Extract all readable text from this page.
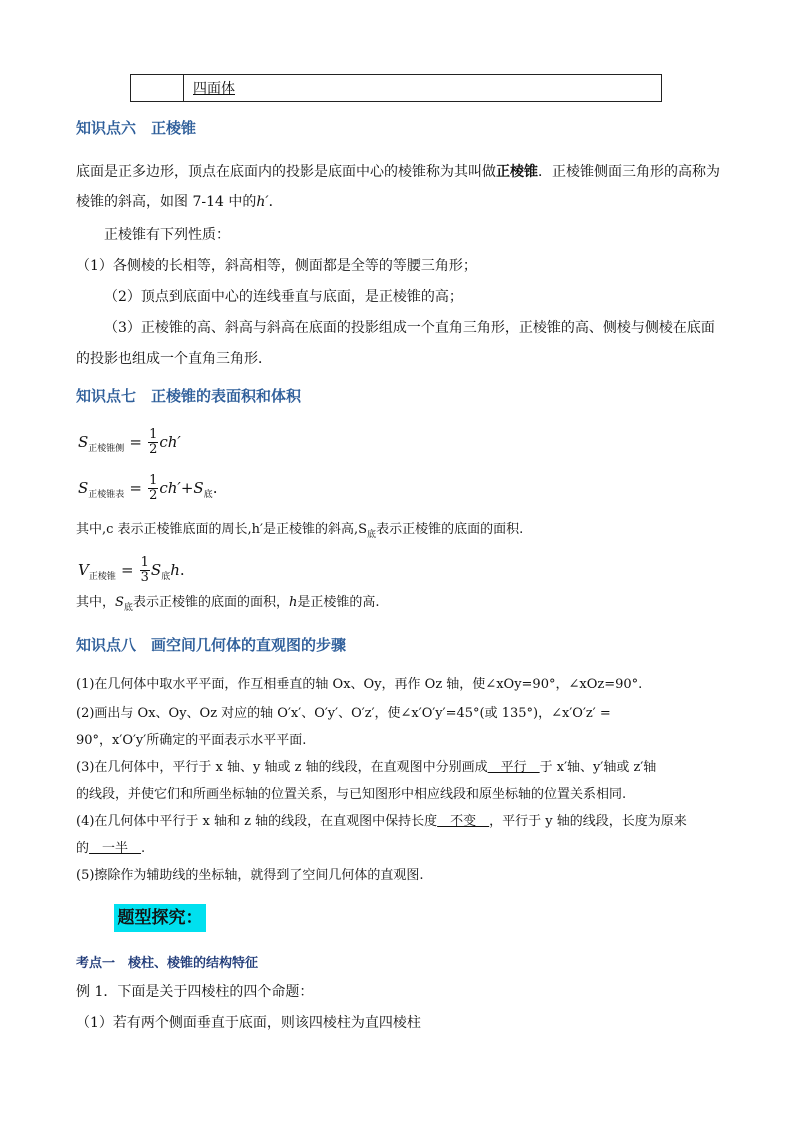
四面体
知识点六　正棱锥
底面是正多边形，顶点在底面内的投影是底面中心的棱锥称为其叫做正棱锥．正棱锥侧面三角形的高称为
棱锥的斜高，如图 7-14 中的h′．
正棱锥有下列性质：
（1）各侧棱的长相等，斜高相等，侧面都是全等的等腰三角形；
（2）顶点到底面中心的连线垂直与底面，是正棱锥的高；
（3）正棱锥的高、斜高与斜高在底面的投影组成一个直角三角形，正棱锥的高、侧棱与侧棱在底面
的投影也组成一个直角三角形．
知识点七　正棱锥的表面积和体积
$S_{正棱锥侧} = \frac{1}{2} ch'$
$S_{正棱锥表} = \frac{1}{2} ch'+S_底$.
其中,c 表示正棱锥底面的周长,h′是正棱锥的斜高$,S_底$表示正棱锥的底面的面积.
$V_{正棱锥} = \frac{1}{3} S_底h$.
其中，$S_底$表示正棱锥的底面的面积，h是正棱锥的高.
知识点八　画空间几何体的直观图的步骤
(1)在几何体中取水平平面，作互相垂直的轴 Ox、Oy，再作 Oz 轴，使∠xOy=90°，∠xOz=90°.
(2)画出与 Ox、Oy、Oz 对应的轴 O′x′、O′y′、O′z′，使∠x′O′y′=45°(或 135°)，∠x′O′z′ =
90°，x′O′y′所确定的平面表示水平平面.
(3)在几何体中，平行于 x 轴、y 轴或 z 轴的线段，在直观图中分别画成　平行　于 x′轴、y′轴或 z′轴
的线段，并使它们和所画坐标轴的位置关系，与已知图形中相应线段和原坐标轴的位置关系相同.
(4)在几何体中平行于 x 轴和 z 轴的线段，在直观图中保持长度　不变　，平行于 y 轴的线段，长度为原来
的　一半　.
(5)擦除作为辅助线的坐标轴，就得到了空间几何体的直观图.
题型探究：
考点一　棱柱、棱锥的结构特征
例 1．下面是关于四棱柱的四个命题：
（1）若有两个侧面垂直于底面，则该四棱柱为直四棱柱
